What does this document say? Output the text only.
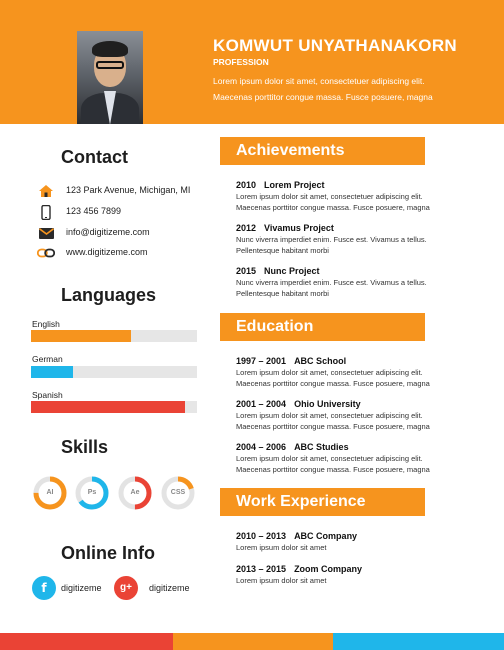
KOMWUT UNYATHANAKORN
PROFESSION
Lorem ipsum dolor sit amet, consectetuer adipiscing elit.
Maecenas porttitor congue massa. Fusce posuere, magna
Contact
123 Park Avenue, Michigan, MI
123 456 7899
info@digitizeme.com
www.digitizeme.com
Languages
English
German
Spanish
Skills
AI	Ps	Ae	CSS
Online Info
f	digitizeme	g+	digitizeme
Achievements
2010 Lorem Project
Lorem ipsum dolor sit amet, consectetuer adipiscing elit.
Maecenas porttitor congue massa. Fusce posuere, magna
2012 Vivamus Project
Nunc viverra imperdiet enim. Fusce est. Vivamus a tellus.
Pellentesque habitant morbi
2015 Nunc Project
Nunc viverra imperdiet enim. Fusce est. Vivamus a tellus.
Pellentesque habitant morbi
Education
1997 – 2001 ABC School
Lorem ipsum dolor sit amet, consectetuer adipiscing elit.
Maecenas porttitor congue massa. Fusce posuere, magna
2001 – 2004 Ohio University
Lorem ipsum dolor sit amet, consectetuer adipiscing elit.
Maecenas porttitor congue massa. Fusce posuere, magna
2004 – 2006 ABC Studies
Lorem ipsum dolor sit amet, consectetuer adipiscing elit.
Maecenas porttitor congue massa. Fusce posuere, magna
Work Experience
2010 – 2013 ABC Company
Lorem ipsum dolor sit amet
2013 – 2015 Zoom Company
Lorem ipsum dolor sit amet
